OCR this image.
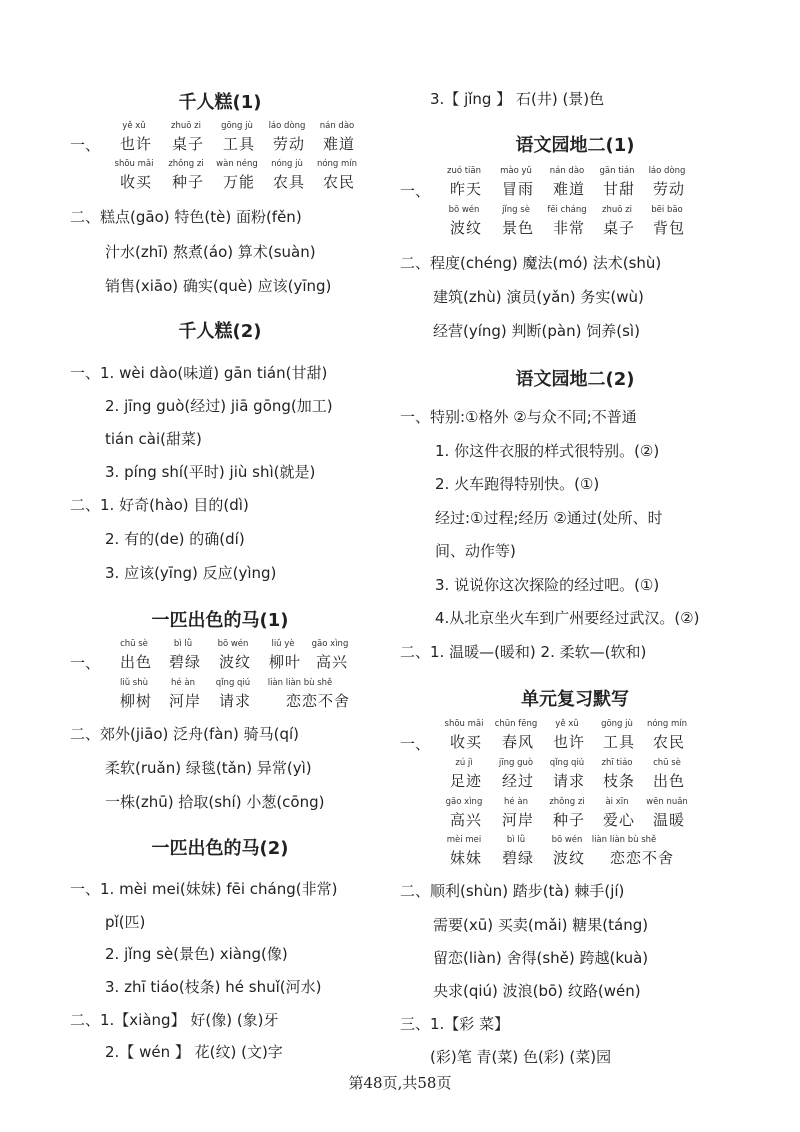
千人糕(1)
一、
二、糕点(gāo) 特色(tè) 面粉(fěn)
汁水(zhī) 熬煮(áo) 算术(suàn)
销售(xiāo) 确实(què) 应该(yīng)
千人糕(2)
一、1. wèi dào(味道) gān tián(甘甜)
2. jīng guò(经过) jiā gōng(加工)
tián cài(甜菜)
3. píng shí(平时) jiù shì(就是)
二、1. 好奇(hào) 目的(dì)
2. 有的(de) 的确(dí)
3. 应该(yīng) 反应(yìng)
一匹出色的马(1)
一、
二、郊外(jiāo) 泛舟(fàn) 骑马(qí)
柔软(ruǎn) 绿毯(tǎn) 异常(yì)
一株(zhū) 拾取(shí) 小葱(cōng)
一匹出色的马(2)
一、1. mèi mei(妹妹) fēi cháng(非常)
pǐ(匹)
2. jǐng sè(景色) xiàng(像)
3. zhī tiáo(枝条) hé shuǐ(河水)
二、1.【xiàng】 好(像) (象)牙
2.【 wén 】 花(纹) (文)字
yě xǔ
也许
zhuō zi
桌子
gōng jù
工具
láo dòng
劳动
nán dào
难道
shōu mǎi
收买
zhǒng zi
种子
wàn néng
万能
nóng jù
农具
nóng mín
农民
chū sè
出色
bì lǜ
碧绿
bō wén
波纹
liǔ yè
柳叶
gāo xìng
高兴
liǔ shù
柳树
hé àn
河岸
qǐng qiú
请求
liàn liàn bù shě
恋恋不舍
3.【 jǐng 】 石(井) (景)色
语文园地二(1)
一、
二、程度(chéng) 魔法(mó) 法术(shù)
建筑(zhù) 演员(yǎn) 务实(wù)
经营(yíng) 判断(pàn) 饲养(sì)
语文园地二(2)
一、特别:①格外 ②与众不同;不普通
1. 你这件衣服的样式很特别。(②)
2. 火车跑得特别快。(①)
经过:①过程;经历 ②通过(处所、时
间、动作等)
3. 说说你这次探险的经过吧。(①)
4.从北京坐火车到广州要经过武汉。(②)
二、1. 温暖—(暖和) 2. 柔软—(软和)
单元复习默写
一、
二、顺利(shùn) 踏步(tà) 棘手(jí)
需要(xū) 买卖(mǎi) 糖果(táng)
留恋(liàn) 舍得(shě) 跨越(kuà)
央求(qiú) 波浪(bō) 纹路(wén)
三、1.【彩 菜】
(彩)笔 青(菜) 色(彩) (菜)园
zuó tiān
昨天
mào yǔ
冒雨
nán dào
难道
gān tián
甘甜
láo dòng
劳动
bō wén
波纹
jǐng sè
景色
fēi cháng
非常
zhuō zi
桌子
bēi bāo
背包
shōu mǎi
收买
chūn fēng
春风
yě xǔ
也许
gōng jù
工具
nóng mín
农民
zú jì
足迹
jīng guò
经过
qǐng qiú
请求
zhī tiáo
枝条
chū sè
出色
gāo xìng
高兴
hé àn
河岸
zhǒng zi
种子
ài xīn
爱心
wēn nuǎn
温暖
mèi mei
妹妹
bì lǜ
碧绿
bō wén
波纹
liàn liàn bù shě
恋恋不舍
第48页,共58页
